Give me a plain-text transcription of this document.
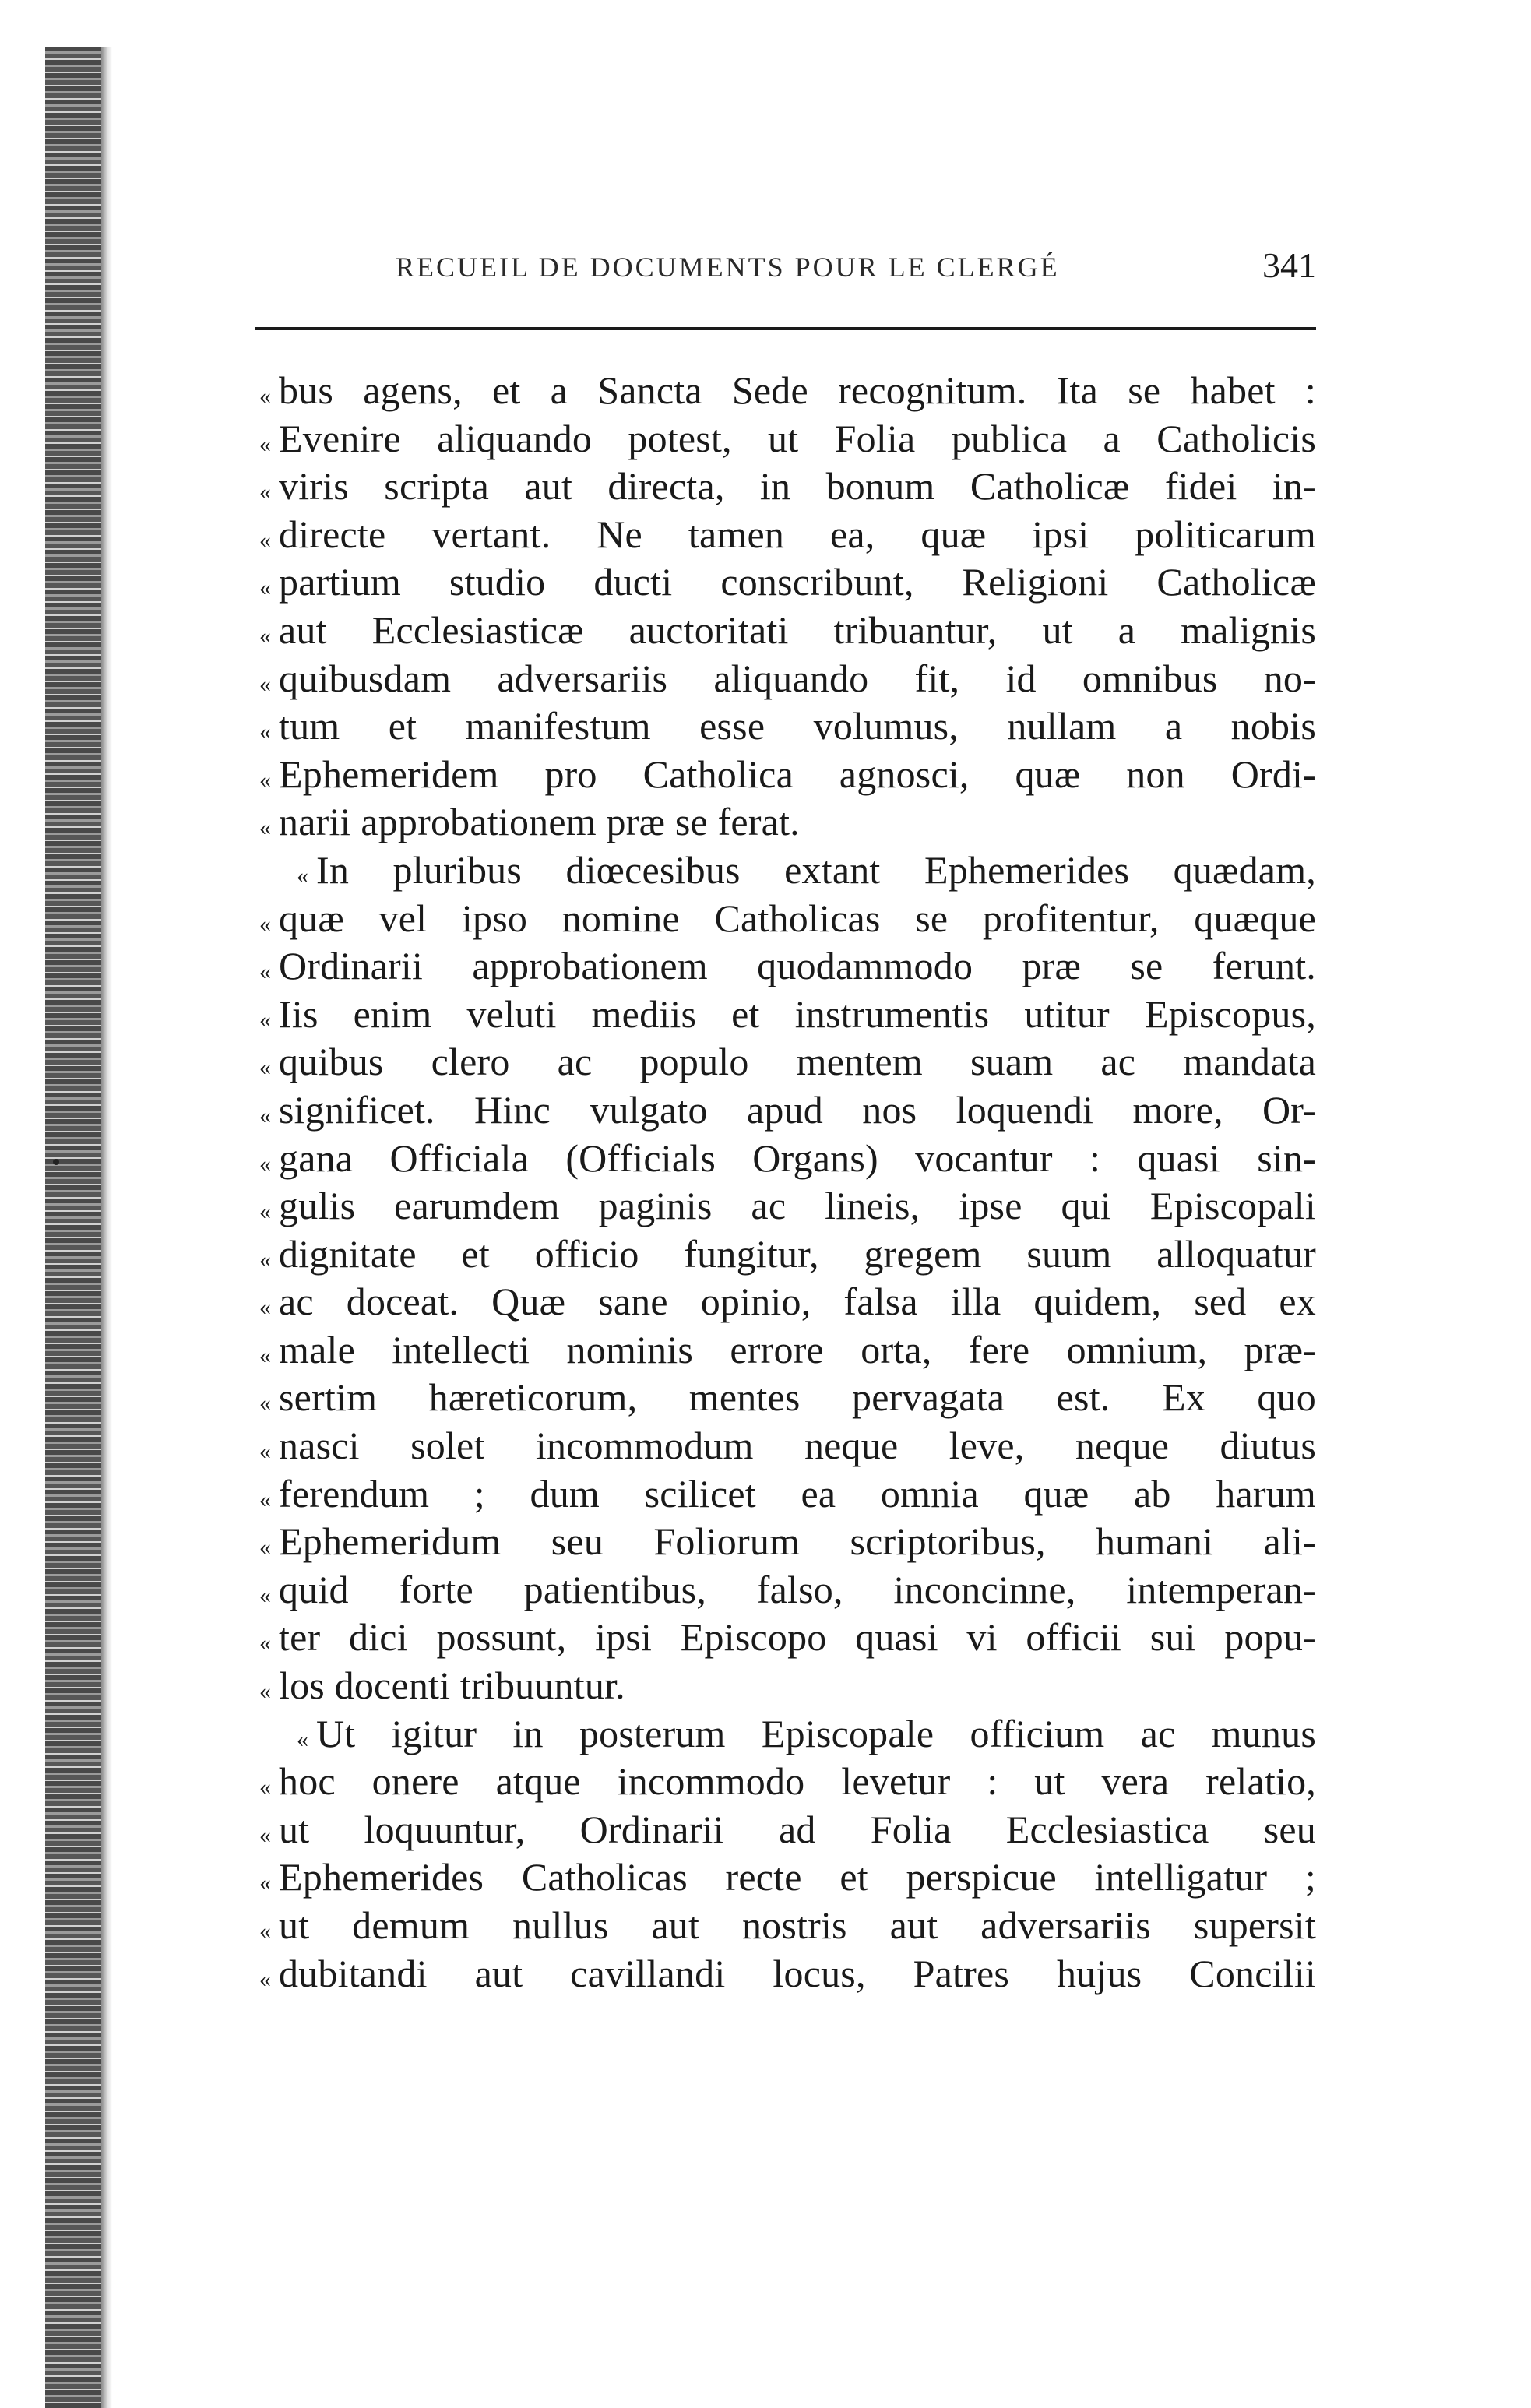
RECUEIL DE DOCUMENTS POUR LE CLERGÉ	341
« bus agens, et a Sancta Sede recognitum. Ita se habet :
« Evenire aliquando potest, ut Folia publica a Catholicis
« viris scripta aut directa, in bonum Catholicæ fidei in-
« directe vertant. Ne tamen ea, quæ ipsi politicarum
« partium studio ducti conscribunt, Religioni Catholicæ
« aut Ecclesiasticæ auctoritati tribuantur, ut a malignis
« quibusdam adversariis aliquando fit, id omnibus no-
« tum et manifestum esse volumus, nullam a nobis
« Ephemeridem pro Catholica agnosci, quæ non Ordi-
« narii approbationem præ se ferat.
« In pluribus diœcesibus extant Ephemerides quædam,
« quæ vel ipso nomine Catholicas se profitentur, quæque
« Ordinarii approbationem quodammodo præ se ferunt.
« Iis enim veluti mediis et instrumentis utitur Episcopus,
« quibus clero ac populo mentem suam ac mandata
« significet. Hinc vulgato apud nos loquendi more, Or-
« gana Officiala (Officials Organs) vocantur : quasi sin-
« gulis earumdem paginis ac lineis, ipse qui Episcopali
« dignitate et officio fungitur, gregem suum alloquatur
« ac doceat. Quæ sane opinio, falsa illa quidem, sed ex
« male intellecti nominis errore orta, fere omnium, præ-
« sertim hæreticorum, mentes pervagata est. Ex quo
« nasci solet incommodum neque leve, neque diutus
« ferendum ; dum scilicet ea omnia quæ ab harum
« Ephemeridum seu Foliorum scriptoribus, humani ali-
« quid forte patientibus, falso, inconcinne, intemperan-
« ter dici possunt, ipsi Episcopo quasi vi officii sui popu-
« los docenti tribuuntur.
« Ut igitur in posterum Episcopale officium ac munus
« hoc onere atque incommodo levetur : ut vera relatio,
« ut loquuntur, Ordinarii ad Folia Ecclesiastica seu
« Ephemerides Catholicas recte et perspicue intelligatur ;
« ut demum nullus aut nostris aut adversariis supersit
« dubitandi aut cavillandi locus, Patres hujus Concilii
